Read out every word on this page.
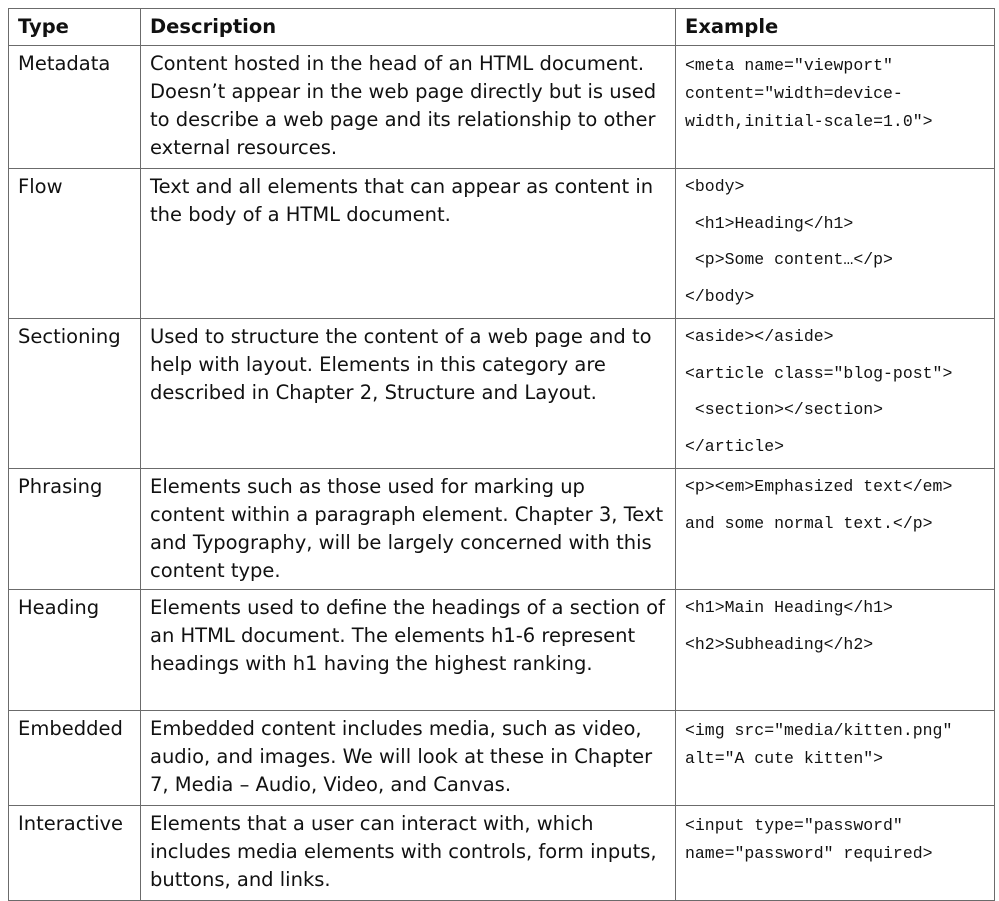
Type	Description	Example
Metadata	Content hosted in the head of an HTML document. Doesn’t appear in the web page directly but is used to describe a web page and its relationship to other external resources.	<meta name="viewport"
content="width=device-
width,initial-scale=1.0">

Flow	Text and all elements that can appear as content in the body of a HTML document.	<body>
<h1>Heading</h1>
<p>Some content…</p>
</body>

Sectioning	Used to structure the content of a web page and to help with layout. Elements in this category are described in Chapter 2, Structure and Layout.	<aside></aside>
<article class="blog-post">
<section></section>
</article>

Phrasing	Elements such as those used for marking up content within a paragraph element. Chapter 3, Text and Typography, will be largely concerned with this content type.	<p><em>Emphasized text</em>
and some normal text.</p>

Heading	Elements used to define the headings of a section of an HTML document. The elements h1-6 represent headings with h1 having the highest ranking.	<h1>Main Heading</h1>
<h2>Subheading</h2>

Embedded	Embedded content includes media, such as video, audio, and images. We will look at these in Chapter 7, Media – Audio, Video, and Canvas.	<img src="media/kitten.png"
alt="A cute kitten">

Interactive	Elements that a user can interact with, which includes media elements with controls, form inputs, buttons, and links.	<input type="password"
name="password" required>
